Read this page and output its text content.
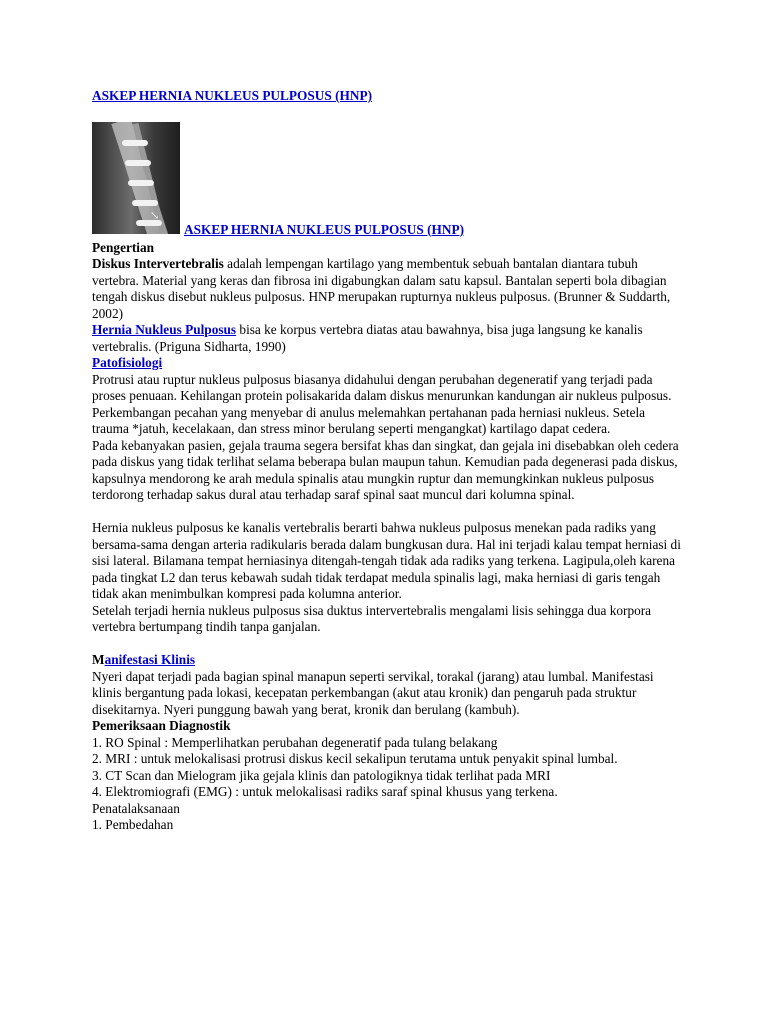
ASKEP HERNIA NUKLEUS PULPOSUS (HNP)
↘
ASKEP HERNIA NUKLEUS PULPOSUS (HNP)

Pengertian

Diskus Intervertebralis adalah lempengan kartilago yang membentuk sebuah bantalan diantara tubuh vertebra. Material yang keras dan fibrosa ini digabungkan dalam satu kapsul. Bantalan seperti bola dibagian tengah diskus disebut nukleus pulposus. HNP merupakan rupturnya nukleus pulposus. (Brunner & Suddarth, 2002)

Hernia Nukleus Pulposus bisa ke korpus vertebra diatas atau bawahnya, bisa juga langsung ke kanalis vertebralis. (Priguna Sidharta, 1990)

Patofisiologi

Protrusi atau ruptur nukleus pulposus biasanya didahului dengan perubahan degeneratif yang terjadi pada proses penuaan. Kehilangan protein polisakarida dalam diskus menurunkan kandungan air nukleus pulposus. Perkembangan pecahan yang menyebar di anulus melemahkan pertahanan pada herniasi nukleus. Setela trauma *jatuh, kecelakaan, dan stress minor berulang seperti mengangkat) kartilago dapat cedera.

Pada kebanyakan pasien, gejala trauma segera bersifat khas dan singkat, dan gejala ini disebabkan oleh cedera pada diskus yang tidak terlihat selama beberapa bulan maupun tahun. Kemudian pada degenerasi pada diskus, kapsulnya mendorong ke arah medula spinalis atau mungkin ruptur dan memungkinkan nukleus pulposus terdorong terhadap sakus dural atau terhadap saraf spinal saat muncul dari kolumna spinal.

Hernia nukleus pulposus ke kanalis vertebralis berarti bahwa nukleus pulposus menekan pada radiks yang bersama-sama dengan arteria radikularis berada dalam bungkusan dura. Hal ini terjadi kalau tempat herniasi di sisi lateral. Bilamana tempat herniasinya ditengah-tengah tidak ada radiks yang terkena. Lagipula,oleh karena pada tingkat L2 dan terus kebawah sudah tidak terdapat medula spinalis lagi, maka herniasi di garis tengah tidak akan menimbulkan kompresi pada kolumna anterior.

Setelah terjadi hernia nukleus pulposus sisa duktus intervertebralis mengalami lisis sehingga dua korpora vertebra bertumpang tindih tanpa ganjalan.

Manifestasi Klinis

Nyeri dapat terjadi pada bagian spinal manapun seperti servikal, torakal (jarang) atau lumbal. Manifestasi klinis bergantung pada lokasi, kecepatan perkembangan (akut atau kronik) dan pengaruh pada struktur disekitarnya. Nyeri punggung bawah yang berat, kronik dan berulang (kambuh).

Pemeriksaan Diagnostik

1. RO Spinal : Memperlihatkan perubahan degeneratif pada tulang belakang

2. MRI : untuk melokalisasi protrusi diskus kecil sekalipun terutama untuk penyakit spinal lumbal.

3. CT Scan dan Mielogram jika gejala klinis dan patologiknya tidak terlihat pada MRI

4. Elektromiografi (EMG) : untuk melokalisasi radiks saraf spinal khusus yang terkena.

Penatalaksanaan

1. Pembedahan
